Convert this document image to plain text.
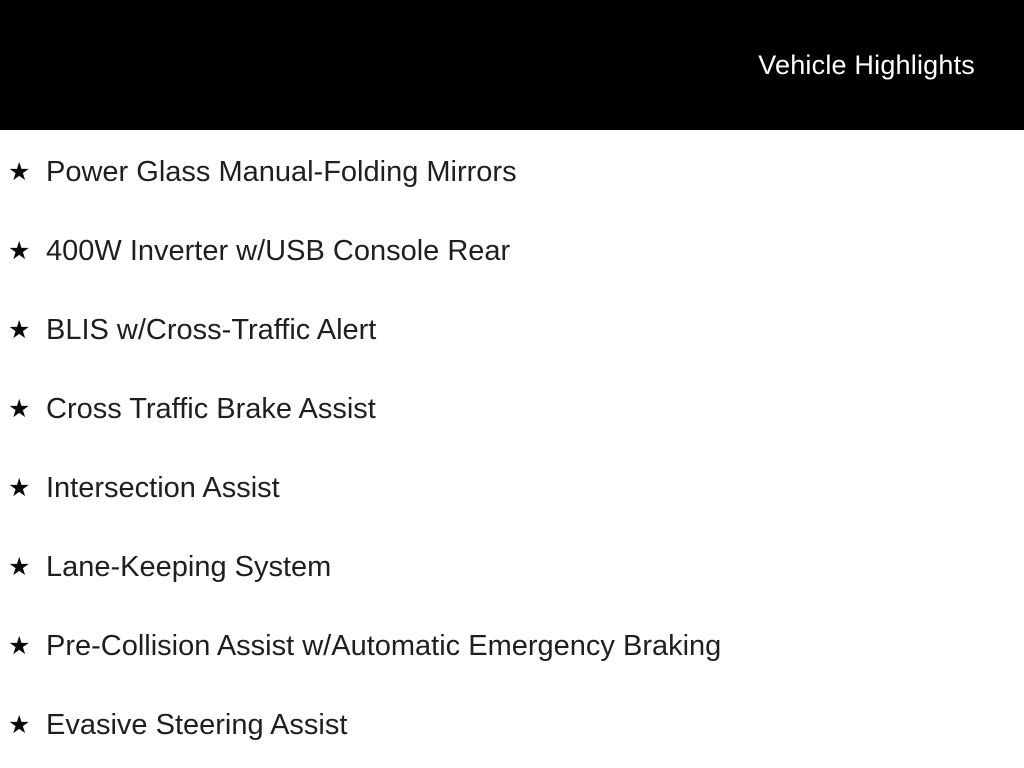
Vehicle Highlights
★ Power Glass Manual-Folding Mirrors
★ 400W Inverter w/USB Console Rear
★ BLIS w/Cross-Traffic Alert
★ Cross Traffic Brake Assist
★ Intersection Assist
★ Lane-Keeping System
★ Pre-Collision Assist w/Automatic Emergency Braking
★ Evasive Steering Assist
